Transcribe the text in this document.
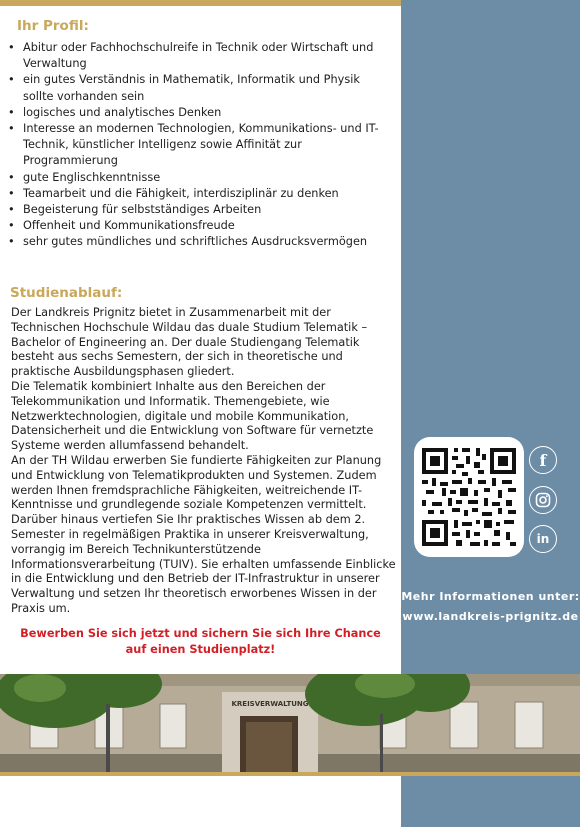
Ihr Profil:
• Abitur oder Fachhochschulreife in Technik oder Wirtschaft und Verwaltung
• ein gutes Verständnis in Mathematik, Informatik und Physik sollte vorhanden sein
• logisches und analytisches Denken
• Interesse an modernen Technologien, Kommunikations- und IT-Technik, künstlicher Intelligenz sowie Affinität zur Programmierung
• gute Englischkenntnisse
• Teamarbeit und die Fähigkeit, interdisziplinär zu denken
• Begeisterung für selbstständiges Arbeiten
• Offenheit und Kommunikationsfreude
• sehr gutes mündliches und schriftliches Ausdrucksvermögen
Studienablauf:

Der Landkreis Prignitz bietet in Zusammenarbeit mit der Technischen Hochschule Wildau das duale Studium Telematik – Bachelor of Engineering an. Der duale Studiengang Telematik besteht aus sechs Semestern, der sich in theoretische und praktische Ausbildungsphasen gliedert.

Die Telematik kombiniert Inhalte aus den Bereichen der Telekommunikation und Informatik. Themengebiete, wie Netzwerktechnologien, digitale und mobile Kommunikation, Datensicherheit und die Entwicklung von Software für vernetzte Systeme werden allumfassend behandelt.

An der TH Wildau erwerben Sie fundierte Fähigkeiten zur Planung und Entwicklung von Telematikprodukten und Systemen. Zudem werden Ihnen fremdsprachliche Fähigkeiten, weitreichende IT-Kenntnisse und grundlegende soziale Kompetenzen vermittelt. Darüber hinaus vertiefen Sie Ihr praktisches Wissen ab dem 2. Semester in regelmäßigen Praktika in unserer Kreisverwaltung, vorrangig im Bereich Technikunterstützende Informationsverarbeitung (TUIV). Sie erhalten umfassende Einblicke in die Entwicklung und den Betrieb der IT-Infrastruktur in unserer Verwaltung und setzen Ihr theoretisch erworbenes Wissen in der Praxis um.

Bewerben Sie sich jetzt und sichern Sie sich Ihre Chance auf einen Studienplatz!
f
in
Mehr Informationen unter:
www.landkreis-prignitz.de
KREISVERWALTUNG
